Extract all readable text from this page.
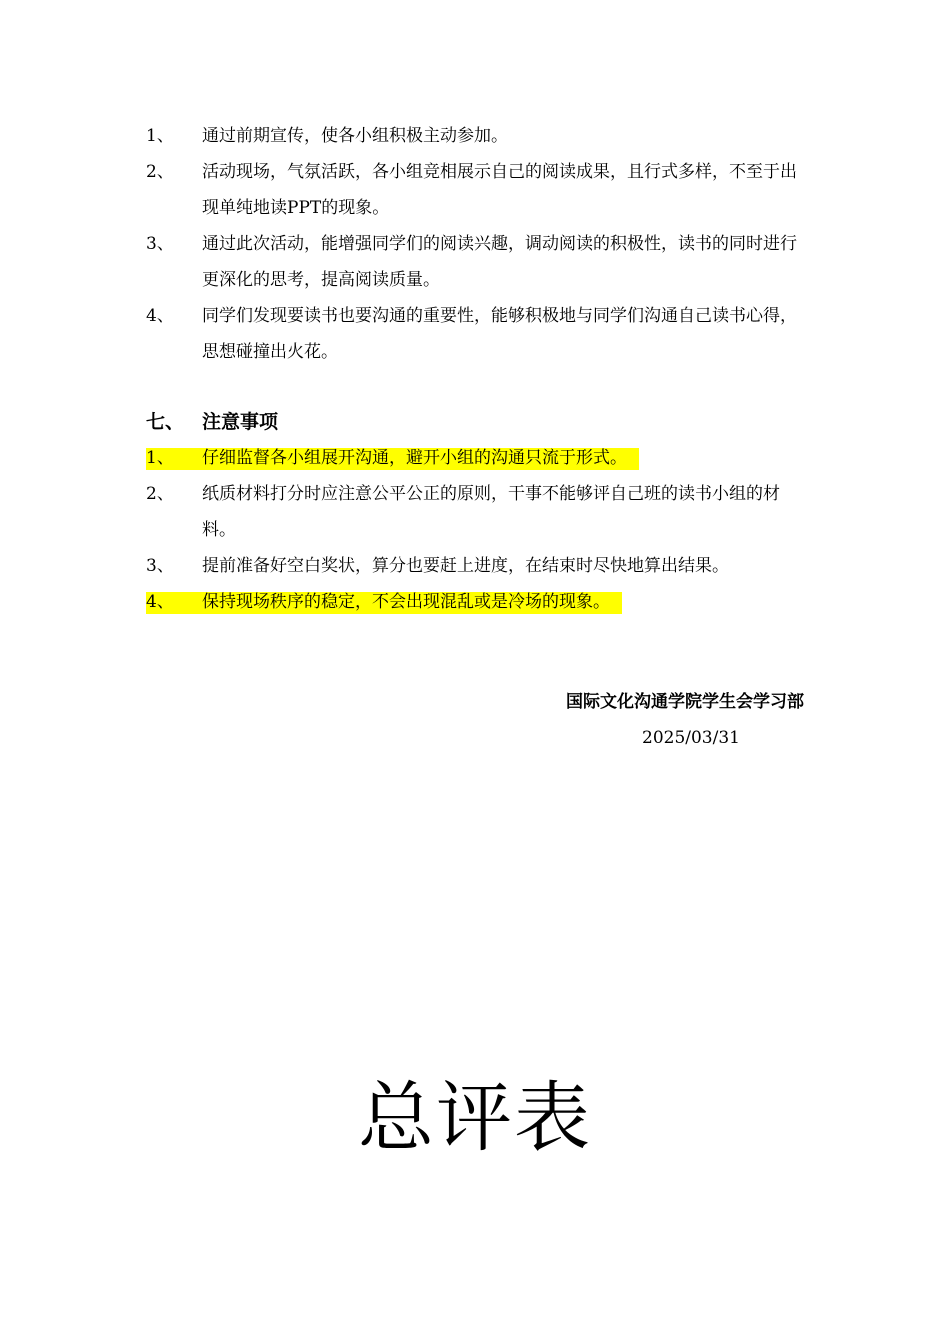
1、 通过前期宣传，使各小组积极主动参加。
2、 活动现场，气氛活跃，各小组竞相展示自己的阅读成果，且行式多样，不至于出现单纯地读PPT的现象。
3、 通过此次活动，能增强同学们的阅读兴趣，调动阅读的积极性，读书的同时进行更深化的思考，提高阅读质量。
4、 同学们发现要读书也要沟通的重要性，能够积极地与同学们沟通自己读书心得，思想碰撞出火花。
七、 注意事项
1、 仔细监督各小组展开沟通，避开小组的沟通只流于形式。
2、 纸质材料打分时应注意公平公正的原则，干事不能够评自己班的读书小组的材料。
3、 提前准备好空白奖状，算分也要赶上进度，在结束时尽快地算出结果。
4、 保持现场秩序的稳定，不会出现混乱或是冷场的现象。
国际文化沟通学院学生会学习部
2025/03/31
总评表
